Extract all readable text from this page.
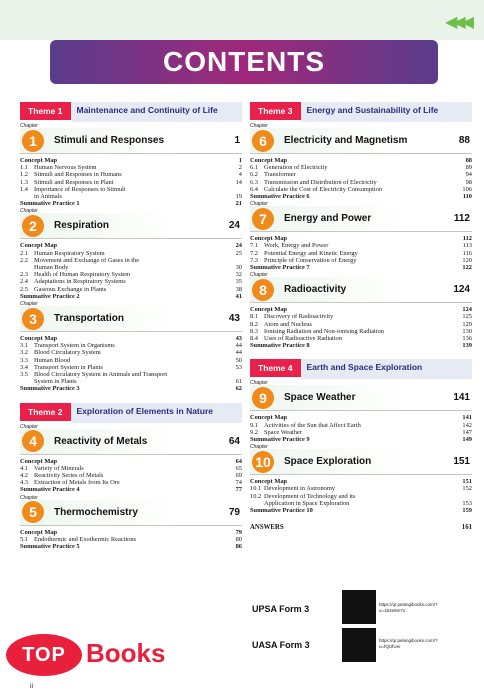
◀◀◀
CONTENTS
Theme 1	Maintenance and Continuity of Life
Chapter
1	Stimuli and Responses	1
Concept Map	1
1.1 Human Nervous System	2
1.2 Stimuli and Responses in Humans	4
1.3 Stimuli and Responses in Plant	14
1.4 Importance of Responses to Stimuli
in Animals	19
Summative Practice 1	21
Chapter
2	Respiration	24
Concept Map	24
2.1 Human Respiratory System	25
2.2 Movement and Exchange of Gases in the
Human Body	30
2.3 Health of Human Respiratory System	32
2.4 Adaptations in Respiratory Systems	35
2.5 Gaseous Exchange in Plants	38
Summative Practice 2	41
Chapter
3	Transportation	43
Concept Map	43
3.1 Transport System in Organisms	44
3.2 Blood Circulatory System	44
3.3 Human Blood	50
3.4 Transport System in Plants	53
3.5 Blood Circulatory System in Animals and Transport
System in Plants	61
Summative Practice 3	62
Theme 2	Exploration of Elements in Nature
Chapter
4	Reactivity of Metals	64
Concept Map	64
4.1 Variety of Minerals	65
4.2 Reactivity Series of Metals	69
4.3 Extraction of Metals from Its Ore	74
Summative Practice 4	77
Chapter
5	Thermochemistry	79
Concept Map	79
5.1 Endothermic and Exothermic Reactions	80
Summative Practice 5	86
Theme 3	Energy and Sustainability of Life
Chapter
6	Electricity and Magnetism	88
Concept Map	88
6.1 Generation of Electricity	89
6.2 Transformer	94
6.3 Transmission and Distribution of Electricity	98
6.4 Calculate the Cost of Electricity Consumption	106
Summative Practice 6	110
Chapter
7	Energy and Power	112
Concept Map	112
7.1 Work, Energy and Power	113
7.2 Potential Energy and Kinetic Energy	116
7.3 Principle of Conservation of Energy	120
Summative Practice 7	122
Chapter
8	Radioactivity	124
Concept Map	124
8.1 Discovery of Radioactivity	125
8.2 Atom and Nucleus	129
8.3 Ionising Radiation and Non-ionising Radiation	130
8.4 Uses of Radioactive Radiation	136
Summative Practice 8	139
Theme 4	Earth and Space Exploration
Chapter
9	Space Weather	141
Concept Map	141
9.1 Activities of the Sun that Affect Earth	142
9.2 Space Weather	147
Summative Practice 9	149
Chapter
10	Space Exploration	151
Concept Map	151
10.1 Development in Astronomy	152
10.2 Development of Technology and its
Application in Space Exploration	153
Summative Practice 10	159
ANSWERS	161
UPSA Form 3	https://qr.pelangibooks.com/?u=1b4e9m7x
UASA Form 3	https://qr.pelangibooks.com/?u=fQUfUei
TOP Books
ii
